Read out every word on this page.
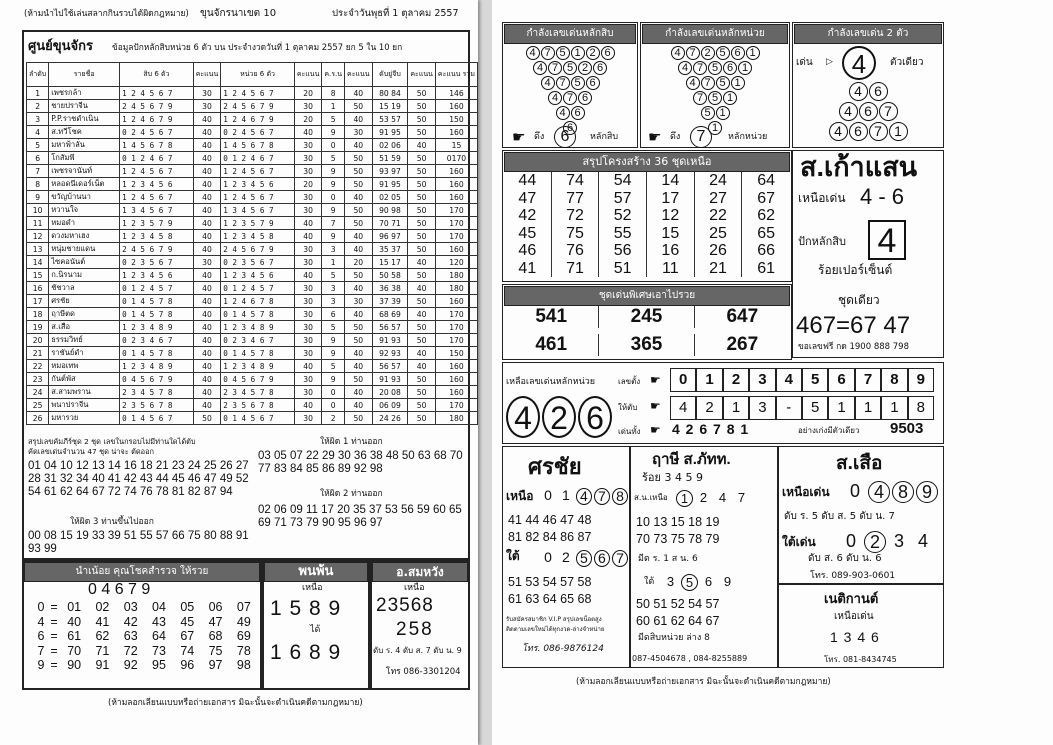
(ห้ามนำไปใช้เล่นสลากกินรวบได้ผิดกฎหมาย) ขุนจักรนาเขต 10	ประจำวันพุธที่ 1 ตุลาคม 2557
ศูนย์ขุนจักร ข้อมูลปักหลักสิบหน่วย 6 ตัว บน ประจำงวดวันที่ 1 ตุลาคม 2557 ยก 5 ใน 10 ยก
ลำดับ	รายชื่อ	สิบ 6 ตัว	คะแนน	หน่วย 6 ตัว	คะแนน	ค.ร.น	คะแนน	ดับยู่จีบ	คะแนน	คะแนน รวม
1	เพชรกล้า	1 2 4 5 6 7	30	1 2 4 5 6 7	20	8	40	80 84	50	146
2	ชายปราจีน	2 4 5 6 7 9	30	2 4 5 6 7 9	30	1	50	15 19	50	160
3	P.P.ราชดำเนิน	1 2 4 6 7 9	40	1 2 4 6 7 9	20	5	40	53 57	50	150
4	ส.ทวีโชค	0 2 4 5 6 7	40	0 2 4 5 6 7	40	9	30	91 95	50	160
5	มหาฟ้าลั่น	1 4 5 6 7 8	40	1 4 5 6 7 8	30	0	40	02 06	40	15
6	โกสัมพี	0 1 2 4 6 7	40	0 1 2 4 6 7	30	5	50	51 59	50	0170
7	เพชรจานันท์	1 2 4 5 6 7	40	1 2 4 5 6 7	30	9	50	93 97	50	160
8	หลอดนีเดอร์เน็ต	1 2 3 4 5 6	40	1 2 3 4 5 6	20	9	50	91 95	50	160
9	ขวัญบ้านนา	1 2 4 5 6 7	40	1 2 4 5 6 7	30	0	40	02 05	50	160
10	หวานใจ	1 3 4 5 6 7	40	1 3 4 5 6 7	30	9	50	90 98	50	170
11	หมอดำ	1 2 3 5 7 9	40	1 2 3 5 7 9	40	7	50	70 71	50	170
12	ดวงมหาเฮง	1 2 3 4 5 8	40	1 2 3 4 5 8	40	9	40	96 97	50	170
13	หนุ่มชายแดน	2 4 5 6 7 9	40	2 4 5 6 7 9	30	3	40	35 37	50	160
14	ไซคอนันต์	0 2 3 5 6 7	30	0 2 3 5 6 7	30	1	20	15 17	40	120
15	ก.นิรนาม	1 2 3 4 5 6	40	1 2 3 4 5 6	40	5	50	50 58	50	180
16	ชัชวาล	0 1 2 4 5 7	40	0 1 2 4 5 7	30	3	40	36 38	40	180
17	ศรชัย	0 1 4 5 7 8	40	1 2 4 6 7 8	30	3	30	37 39	50	160
18	ฤาษีตด	0 1 4 5 7 8	40	0 1 4 5 7 8	30	6	40	68 69	40	170
19	ส.เสือ	1 2 3 4 8 9	40	1 2 3 4 8 9	30	5	50	56 57	50	170
20	ธรรมวิทย์	0 2 3 4 6 7	40	0 2 3 4 6 7	30	9	50	91 93	50	170
21	ราชันย์ดำ	0 1 4 5 7 8	40	0 1 4 5 7 8	30	9	40	92 93	40	150
22	หมอเทพ	1 2 3 4 8 9	40	1 2 3 4 8 9	40	5	40	56 57	40	160
23	กันต์พัส	0 4 5 6 7 9	40	0 4 5 6 7 9	30	9	50	91 93	50	160
24	ส.สามพราน	2 3 4 5 7 8	40	2 3 4 5 7 8	30	0	40	20 08	50	160
25	พนาปราจีน	2 3 5 6 7 8	40	2 3 5 6 7 8	40	0	40	06 09	50	170
26	มหารวย	0 1 4 5 6 7	50	0 1 4 5 6 7	30	2	50	24 26	50	180
สรุปเลขคัมภีร์ชุด 2 ชุด เลขในกรอบไม่มีท่านใดได้ตับ
คัดเลขเด่นจำนวน 47 ชุด น่าจะ ตัดออก
01 04 10 12 13 14 16 18 21 23 24 25 26 27 28 31 32 34 40 41 42 43 44 45 46 47 49 52 54 61 62 64 67 72 74 76 78 81 82 87 94
ให้ผิด 1 ท่านออก
03 05 07 22 29 30 36 38 48 50 63 68 70 77 83 84 85 86 89 92 98
ให้ผิด 2 ท่านออก
02 06 09 11 17 20 35 37 53 56 59 60 65 69 71 73 79 90 95 96 97
ให้ผิด 3 ท่านขึ้นไปออก
00 08 15 19 33 39 51 55 57 66 75 80 88 91 93 99
นำเน้อย คุณโชคสำรวจ ให้รวย
0 4 6 7 9
0 = 01	02	03	04	05	06	07
4 = 40	41	42	43	45	47	49
6 = 61	62	63	64	67	68	69
7 = 70	71	72	73	74	75	78
9 = 90	91	92	95	96	97	98
พนพ้น
เหนือ
1 5 8 9
ได้
1 6 8 9
อ.สมหวัง
เหนือ
23568
258
ดับ ร. 4 ดับ ส. 7 ดับ น. 9
โทร 086-3301204
(ห้ามลอกเลียนแบบหรือถ่ายเอกสาร มิฉะนั้นจะดำเนินคดีตามกฎหมาย)
กำลังเลขเด่นหลักสิบ
4 7 5 1 2 6
4 7 5 2 6
4 7 5 6
4 7 6
4 6
6
☛ ดึง	6	หลักสิบ
กำลังเลขเด่นหลักหน่วย
4 7 2 5 6 1
4 7 5 6 1
4 7 5 1
7 5 1
5 1
1
☛ ดึง	7	หลักหน่วย
กำลังเลขเด่น 2 ตัว
เด่น ▷ 4	ตัวเดียว
4 6
4 6 7
4 6 7 1
สรุปโครงสร้าง 36 ชุดเหนือ
44	74	54	14	24	64
47	77	57	17	27	67
42	72	52	12	22	62
45	75	55	15	25	65
46	76	56	16	26	66
41	71	51	11	21	61
ส.เก้าแสน
เหนือเด่น 4 - 6
ปักหลักสิบ 4
ร้อยเปอร์เซ็นต์
ชุดเดียว
467=67 47
ขอเลขฟรี กด 1900 888 798
ชุดเด่นพิเศษเอาไปรวย
541	245	647
461	365	267
เหลือเลขเด่นหลักหน่วย
4 2 6
เลขตั้ง ☛	0	1	2	3	4	5	6	7	8	9
ให้ตับ ☛	4	2	1	3	-	5	1	1	1	8
เด่นทั้ง ☛ 4 2 6 7 8 1	อย่างเก่งมีตัวเดียว 9503
ศรชัย
เหนือ 0 1 4 7 8
41 44 46 47 48
81 82 84 86 87
ใต้ 0 2 5 6 7
51 53 54 57 58
61 63 64 65 68
รับสมัครสมาชิก V.I.P สรุปเลขน็อตสูง
ติดตามเลขใหม่ได้ทุกงวด-ล่างจำหน่าย
โทร. 086-9876124
ฤาษี ส.ภัทท.
ร้อย 3 4 5 9
ส.น.เหนือ	1 2 4 7
10 13 15 18 19
70 73 75 78 79
มีต ร. 1 ส น. 6
ใต้ 3 5 6 9
50 51 52 54 57
60 61 62 64 67
มีดสิบหน่วย ล่าง 8
087-4504678 , 084-8255889
ส.เสือ
เหนือเด่น	0 4 8 9
ดับ ร. 5 ดับ ส. 5 ดับ น. 7
ใต้เด่น	0 2 3 4
ดับ ส. 6 ดับ น. 6
โทร. 089-903-0601
เนติกานต์
เหนือเด่น
1 3 4 6
โทร. 081-8434745
(ห้ามลอกเลียนแบบหรือถ่ายเอกสาร มิฉะนั้นจะดำเนินคดีตามกฎหมาย)
